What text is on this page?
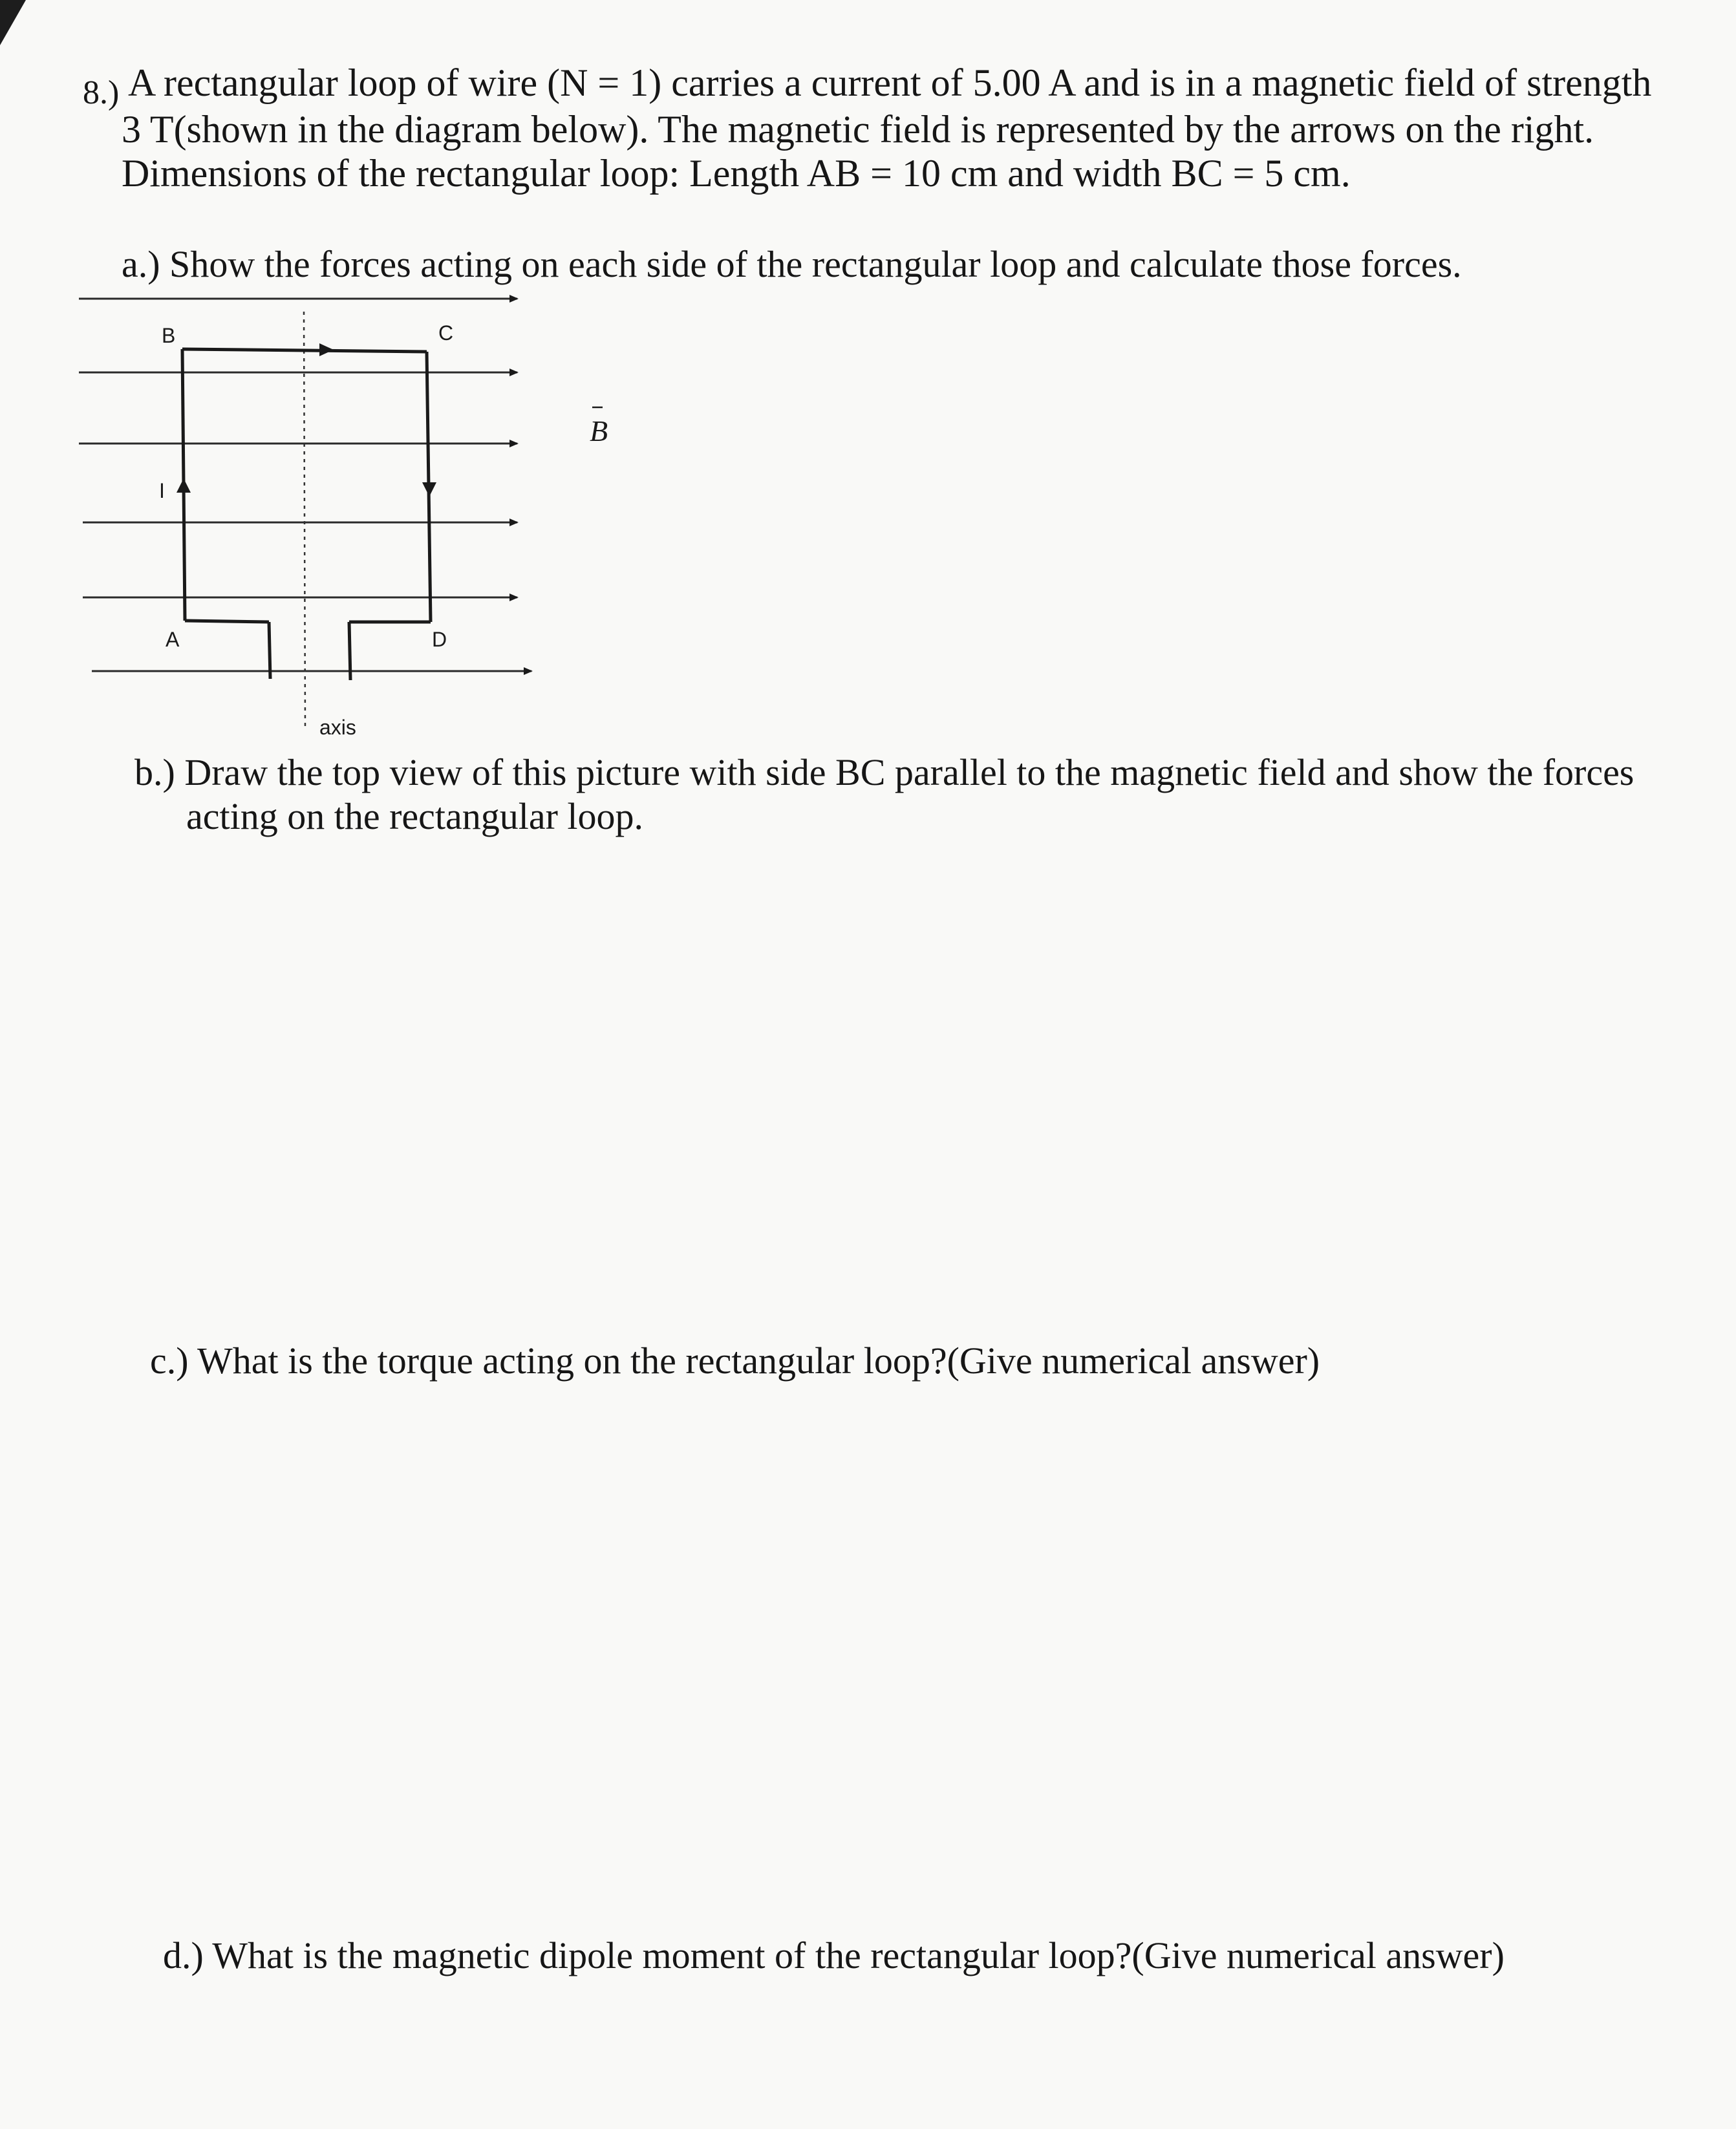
8.) A rectangular loop of wire (N = 1) carries a current of 5.00 A and is in a magnetic field of strength
3 T(shown in the diagram below). The magnetic field is represented by the arrows on the right.
Dimensions of the rectangular loop: Length AB = 10 cm and width BC = 5 cm.
a.) Show the forces acting on each side of the rectangular loop and calculate those forces.
B	C
I
A	D
axis
B
b.) Draw the top view of this picture with side BC parallel to the magnetic field and show the forces
acting on the rectangular loop.
c.) What is the torque acting on the rectangular loop?(Give numerical answer)
d.) What is the magnetic dipole moment of the rectangular loop?(Give numerical answer)
